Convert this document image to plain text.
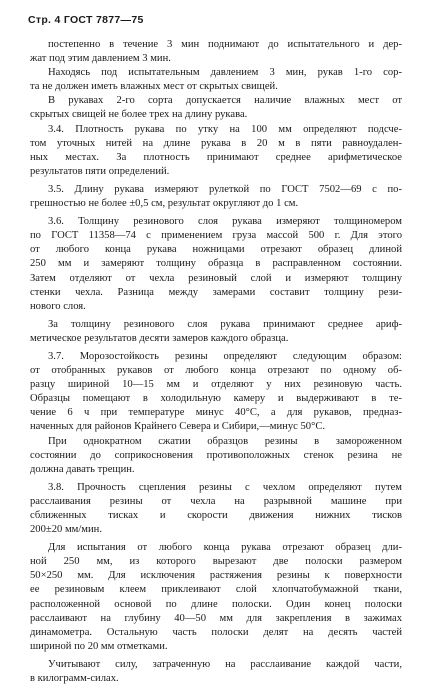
Стр. 4 ГОСТ 7877—75
постепенно в течение 3 мин поднимают до испытательного и дер-
жат под этим давлением 3 мин.
Находясь под испытательным давлением 3 мин, рукав 1-го сор-
та не должен иметь влажных мест от скрытых свищей.
В рукавах 2-го сорта допускается наличие влажных мест от
скрытых свищей не более трех на длину рукава.
3.4. Плотность рукава по утку на 100 мм определяют подсче-
том уточных нитей на длине рукава в 20 м в пяти равноудален-
ных местах. За плотность принимают среднее арифметическое
результатов пяти определений.
3.5. Длину рукава измеряют рулеткой по ГОСТ 7502—69 с по-
грешностью не более ±0,5 см, результат округляют до 1 см.
3.6. Толщину резинового слоя рукава измеряют толщиномером
по ГОСТ 11358—74 с применением груза массой 500 г. Для этого
от любого конца рукава ножницами отрезают образец длиной
250 мм и замеряют толщину образца в расправленном состоянии.
Затем отделяют от чехла резиновый слой и измеряют толщину
стенки чехла. Разница между замерами составит толщину рези-
нового слоя.
За толщину резинового слоя рукава принимают среднее ариф-
метическое результатов десяти замеров каждого образца.
3.7. Морозостойкость резины определяют следующим образом:
от отобранных рукавов от любого конца отрезают по одному об-
разцу шириной 10—15 мм и отделяют у них резиновую часть.
Образцы помещают в холодильную камеру и выдерживают в те-
чение 6 ч при температуре минус 40°С, а для рукавов, предназ-
наченных для районов Крайнего Севера и Сибири,—минус 50°С.
При однократном сжатии образцов резины в замороженном
состоянии до соприкосновения противоположных стенок резина не
должна давать трещин.
3.8. Прочность сцепления резины с чехлом определяют путем
расслаивания резины от чехла на разрывной машине при
сближенных тисках и скорости движения нижних тисков
200±20 мм/мин.
Для испытания от любого конца рукава отрезают образец дли-
ной 250 мм, из которого вырезают две полоски размером
50×250 мм. Для исключения растяжения резины к поверхности
ее резиновым клеем приклеивают слой хлопчатобумажной ткани,
расположенной основой по длине полоски. Один конец полоски
расслаивают на глубину 40—50 мм для закрепления в зажимах
динамометра. Остальную часть полоски делят на десять частей
шириной по 20 мм отметками.
Учитывают силу, затраченную на расслаивание каждой части,
в килограмм-силах.
